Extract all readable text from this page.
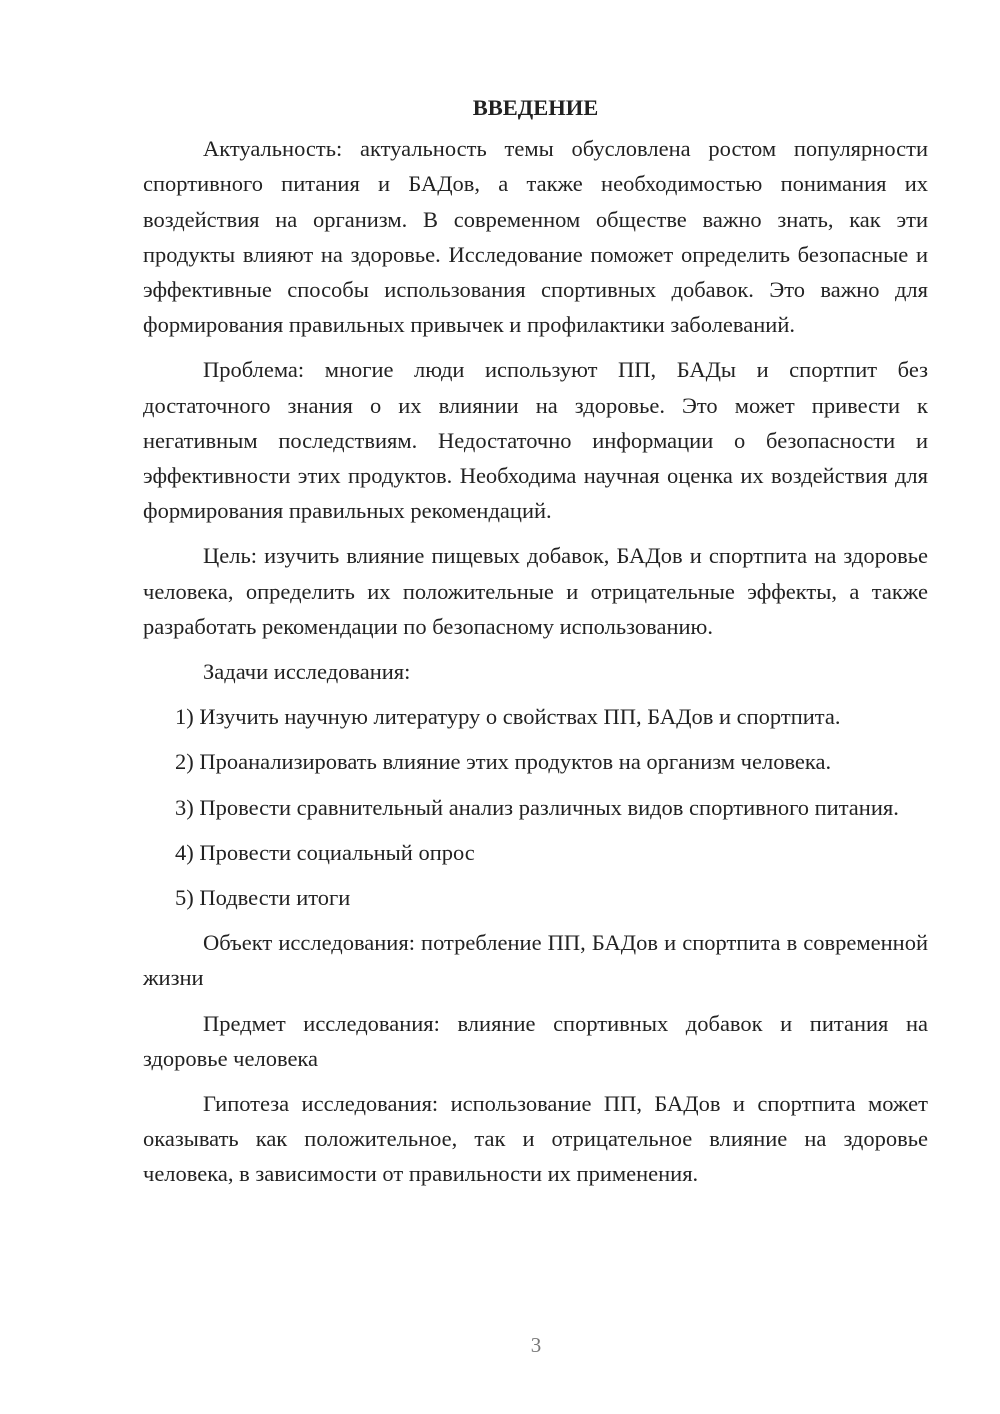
ВВЕДЕНИЕ

Актуальность: актуальность темы обусловлена ростом популярности спортивного питания и БАДов, а также необходимостью понимания их воздействия на организм. В современном обществе важно знать, как эти продукты влияют на здоровье. Исследование поможет определить безопасные и эффективные способы использования спортивных добавок. Это важно для формирования правильных привычек и профилактики заболеваний.

Проблема: многие люди используют ПП, БАДы и спортпит без достаточного знания о их влиянии на здоровье. Это может привести к негативным последствиям. Недостаточно информации о безопасности и эффективности этих продуктов. Необходима научная оценка их воздействия для формирования правильных рекомендаций.

Цель: изучить влияние пищевых добавок, БАДов и спортпита на здоровье человека, определить их положительные и отрицательные эффекты, а также разработать рекомендации по безопасному использованию.

Задачи исследования:

1) Изучить научную литературу о свойствах ПП, БАДов и спортпита.
2) Проанализировать влияние этих продуктов на организм человека.
3) Провести сравнительный анализ различных видов спортивного питания.
4) Провести социальный опрос
5) Подвести итоги

Объект исследования: потребление ПП, БАДов и спортпита в современной жизни

Предмет исследования: влияние спортивных добавок и питания на здоровье человека

Гипотеза исследования: использование ПП, БАДов и спортпита может оказывать как положительное, так и отрицательное влияние на здоровье человека, в зависимости от правильности их применения.

3
